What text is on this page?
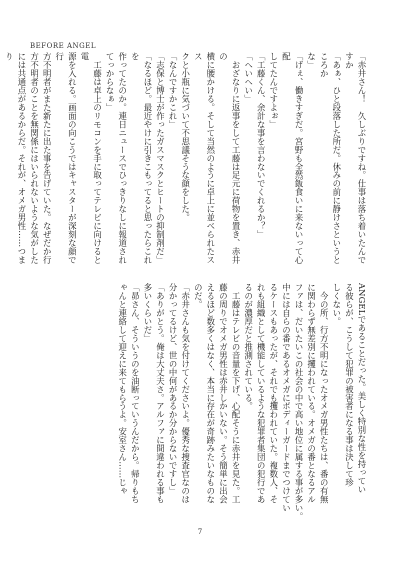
BEFORE ANGEL

「赤井さん！　久しぶりですね。仕事は落ち着いたんですか

「あぁ、ひと段落した所だ。休みの前に静けさというところか

な」

「げぇ、働きすぎだ。宮野も全然飯食いに来ないって心配

してたんですよぉ」

「工藤くん、余計な事を言わないでくれるか？」

「へいへい」

　おざなりに返事をして工藤は足元に荷物を置き、赤井の

横に腰かける。そして当然のように卓上に並べられたスス

クと小瓶に気づいて不思議そうな顔をした。

「なんですかこれ」

「志保と博士が作ったガスマスクとヒートの抑制剤だ」

「なるほど。最近やけに引きこもってると思ったらこれを

作ってたのか。連日ニュースでひっきりなしに報道され

てっからなぁ」

　工藤は卓上のリモコンを手に取ってテレビに向けると電

源を入れる。画面の向こうではキャスターが深刻な顔で行

方不明者がまた新たに出た事を告げていた。なぜだか行

方不明者のことを無関係にはいられないような気がした

には共通点があるからだ。それが、オメガ男性……つまり

ANGELであることだった。美しく特別な性を持ってい

る彼らが、こうして犯罪の被害者になる事は決して珍

しくない。

　今の所、行方不明になったオメガ男性たちは、番の有無

に関わらず無差別に攫われている。オメガの番となるアル

ファは、だいたいこの社会の中で高い地位に属する事が多い。

中には自らの番であるオメガにボディーガードまでつけてい

るケースもあったが、それでも攫われていた。複数人、そ

れも組織として機能しているような犯罪者集団の犯行であ

るのが濃厚だと推測されている。

　工藤はテレビの音量を下げ、心配そうに赤井を見た。工

藤の周りでオメガ男性は赤井しかいない。そう簡単に出会

えるほど数多くはなく、本当に存在が奇跡みたいなものな

のだ。

「赤井さんも気を付けてくださいよ。優秀な捜査官なのは

分かってるけど、世の中何があるか分からないですし」

「ありがとう。俺は大丈夫さ。アルファに間違われる事も

多いくらいだ」

「昴さん、そういうのを油断っていうんだから。帰りもち

ゃんと連絡して迎えに来てもらうよ。安室さん……じゃ

7
